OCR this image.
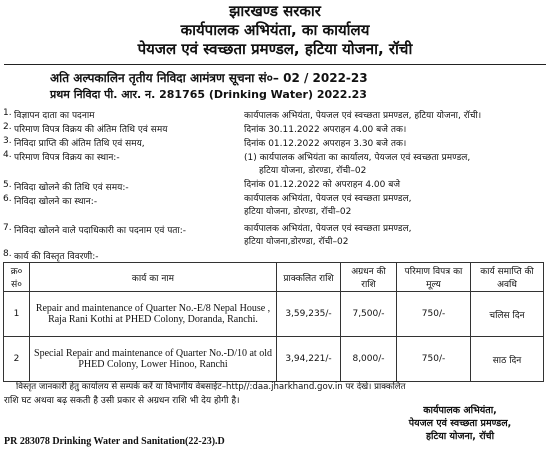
झारखण्ड सरकार
कार्यपालक अभियंता, का कार्यालय
पेयजल एवं स्वच्छता प्रमण्डल, हटिया योजना, रॉची
अति अल्पकालिन तृतीय निविदा आमंत्रण सूचना सं०– 02 / 2022-23
प्रथम निविदा पी. आर. न. 281765 (Drinking Water) 2022.23
1. विज्ञापन दाता का पदनाम	कार्यपालक अभियंता, पेयजल एवं स्वच्छता प्रमण्डल, हटिया योजना, रॉची।
2. परिमाण विपत्र विक्रय की अंतिम तिथि एवं समय	दिनांक 30.11.2022 अपराहन 4.00 बजे तक।
3. निविदा प्राप्ति की अंतिम तिथि एवं समय,	दिनांक 01.12.2022 अपराहन 3.30 बजे तक।
4. परिमाण विपत्र विक्रय का स्थान:-	(1) कार्यपालक अभियंता का कार्यालय, पेयजल एवं स्वच्छता प्रमण्डल,
हटिया योजना, डोरण्डा, रॉची–02
5. निविदा खोलने की तिथि एवं समय:-	दिनांक 01.12.2022 को अपराहन 4.00 बजे
6. निविदा खोलने का स्थान:-	कार्यपालक अभियंता, पेयजल एवं स्वच्छता प्रमण्डल,
हटिया योजना, डोरण्डा, रॉची–02
7. निविदा खोलने वाले पदाधिकारी का पदनाम एवं पता:-	कार्यपालक अभियंता, पेयजल एवं स्वच्छता प्रमण्डल,
हटिया योजना,डोरण्डा, रॉची–02
8. कार्य की विस्तृत विवरणी:-
क्र० सं०	कार्य का नाम	प्राक्कलित राशि	अग्रधन की राशि	परिमाण विपत्र का मूल्य	कार्य समाप्ति की अवधि
1	Repair and maintenance of Quarter No.-E/8 Nepal House , Raja Rani Kothi at PHED Colony, Doranda, Ranchi.	3,59,235/-	7,500/-	750/-	चलिस दिन
2	Special Repair and maintenance of Quarter No.-D/10 at old PHED Colony, Lower Hinoo, Ranchi	3,94,221/-	8,000/-	750/-	साठ दिन
विस्तृत जानकारी हेतु कार्यालय से सम्पर्क करें या विभागीय वेबसाईट–http//:daa.jharkhand.gov.in पर देखे। प्राक्कलित
राशि घट अथवा बढ़ सकती है उसी प्रकार से अग्रधन राशि भी देय होगी है।
कार्यपालक अभियंता,
पेयजल एवं स्वच्छता प्रमण्डल,
हटिया योजना, रॉची
PR 283078 Drinking Water and Sanitation(22-23).D
